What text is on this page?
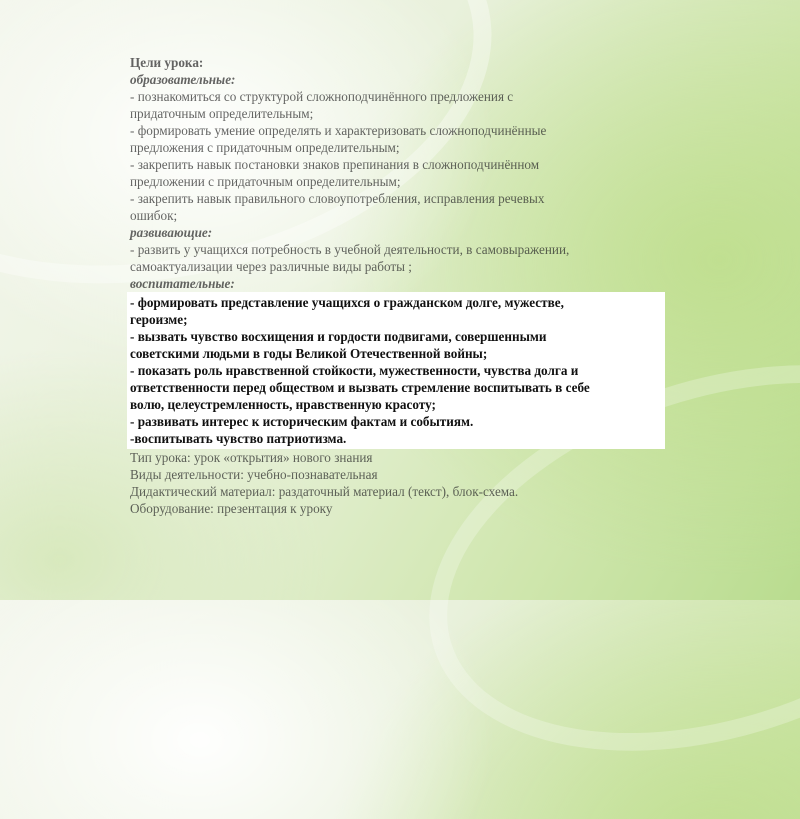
Цели урока:
образовательные:
- познакомиться со структурой сложноподчинённого предложения с
придаточным определительным;
- формировать умение определять и характеризовать сложноподчинённые
предложения с придаточным определительным;
- закрепить навык постановки знаков препинания в сложноподчинённом
предложении с придаточным определительным;
- закрепить навык правильного словоупотребления, исправления речевых
ошибок;
развивающие:
- развить у учащихся потребность в учебной деятельности, в самовыражении,
самоактуализации через различные виды работы ;
воспитательные:
- формировать представление учащихся о гражданском долге, мужестве,
героизме;
- вызвать чувство восхищения и гордости подвигами, совершенными
советскими людьми в годы Великой Отечественной войны;
- показать роль нравственной стойкости, мужественности, чувства долга и
ответственности перед обществом и вызвать стремление воспитывать в себе
волю, целеустремленность, нравственную красоту;
- развивать интерес к историческим фактам и событиям.
-воспитывать чувство патриотизма.
Тип урока: урок «открытия» нового знания
Виды деятельности: учебно-познавательная
Дидактический материал: раздаточный материал (текст), блок-схема.
Оборудование: презентация к уроку
